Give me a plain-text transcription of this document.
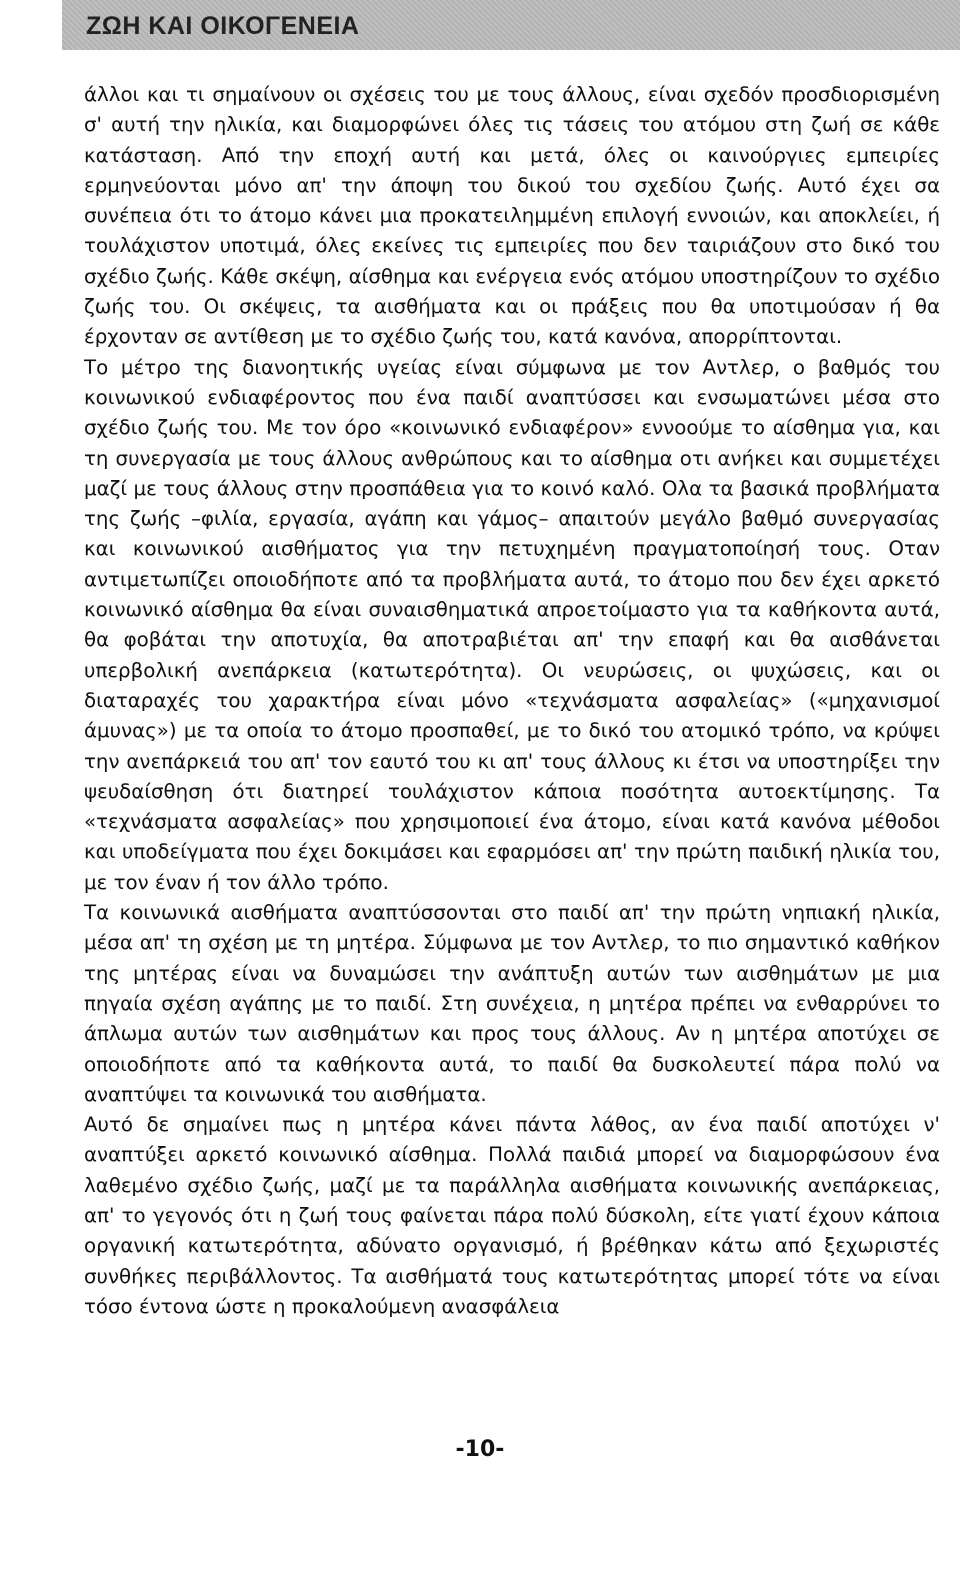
ΖΩΗ ΚΑΙ ΟΙΚΟΓΕΝΕΙΑ

άλλοι και τι σημαίνουν οι σχέσεις του με τους άλλους, είναι σχεδόν προσδιορισμένη σ' αυτή την ηλικία, και διαμορφώνει όλες τις τάσεις του ατόμου στη ζωή σε κάθε κατάσταση. Από την εποχή αυτή και μετά, όλες οι καινούργιες εμπειρίες ερμηνεύονται μόνο απ' την άποψη του δικού του σχεδίου ζωής. Αυτό έχει σα συνέπεια ότι το άτομο κάνει μια προκατειλημμένη επιλογή εννοιών, και αποκλείει, ή τουλάχιστον υποτιμά, όλες εκείνες τις εμπειρίες που δεν ταιριάζουν στο δικό του σχέδιο ζωής. Κάθε σκέψη, αίσθημα και ενέργεια ενός ατόμου υποστηρίζουν το σχέδιο ζωής του. Οι σκέψεις, τα αισθήματα και οι πράξεις που θα υποτιμούσαν ή θα έρχονταν σε αντίθεση με το σχέδιο ζωής του, κατά κανόνα, απορρίπτονται.

Το μέτρο της διανοητικής υγείας είναι σύμφωνα με τον Αντλερ, ο βαθμός του κοινωνικού ενδιαφέροντος που ένα παιδί αναπτύσσει και ενσωματώνει μέσα στο σχέδιο ζωής του. Με τον όρο «κοινωνικό ενδιαφέρον» εννοούμε το αίσθημα για, και τη συνεργασία με τους άλλους ανθρώπους και το αίσθημα οτι ανήκει και συμμετέχει μαζί με τους άλλους στην προσπάθεια για το κοινό καλό. Ολα τα βασικά προβλήματα της ζωής –φιλία, εργασία, αγάπη και γάμος– απαιτούν μεγάλο βαθμό συνεργασίας και κοινωνικού αισθήματος για την πετυχημένη πραγματοποίησή τους. Οταν αντιμετωπίζει οποιοδήποτε από τα προβλήματα αυτά, το άτομο που δεν έχει αρκετό κοινωνικό αίσθημα θα είναι συναισθηματικά απροετοίμαστο για τα καθήκοντα αυτά, θα φοβάται την αποτυχία, θα αποτραβιέται απ' την επαφή και θα αισθάνεται υπερβολική ανεπάρκεια (κατωτερότητα). Οι νευρώσεις, οι ψυχώσεις, και οι διαταραχές του χαρακτήρα είναι μόνο «τεχνάσματα ασφαλείας» («μηχανισμοί άμυνας») με τα οποία το άτομο προσπαθεί, με το δικό του ατομικό τρόπο, να κρύψει την ανεπάρκειά του απ' τον εαυτό του κι απ' τους άλλους κι έτσι να υποστηρίξει την ψευδαίσθηση ότι διατηρεί τουλάχιστον κάποια ποσότητα αυτοεκτίμησης. Τα «τεχνάσματα ασφαλείας» που χρησιμοποιεί ένα άτομο, είναι κατά κανόνα μέθοδοι και υποδείγματα που έχει δοκιμάσει και εφαρμόσει απ' την πρώτη παιδική ηλικία του, με τον έναν ή τον άλλο τρόπο.

Τα κοινωνικά αισθήματα αναπτύσσονται στο παιδί απ' την πρώτη νηπιακή ηλικία, μέσα απ' τη σχέση με τη μητέρα. Σύμφωνα με τον Αντλερ, το πιο σημαντικό καθήκον της μητέρας είναι να δυναμώσει την ανάπτυξη αυτών των αισθημάτων με μια πηγαία σχέση αγάπης με το παιδί. Στη συνέχεια, η μητέρα πρέπει να ενθαρρύνει το άπλωμα αυτών των αισθημάτων και προς τους άλλους. Αν η μητέρα αποτύχει σε οποιοδήποτε από τα καθήκοντα αυτά, το παιδί θα δυσκολευτεί πάρα πολύ να αναπτύψει τα κοινωνικά του αισθήματα.

Αυτό δε σημαίνει πως η μητέρα κάνει πάντα λάθος, αν ένα παιδί αποτύχει ν' αναπτύξει αρκετό κοινωνικό αίσθημα. Πολλά παιδιά μπορεί να διαμορφώσουν ένα λαθεμένο σχέδιο ζωής, μαζί με τα παράλληλα αισθήματα κοινωνικής ανεπάρκειας, απ' το γεγονός ότι η ζωή τους φαίνεται πάρα πολύ δύσκολη, είτε γιατί έχουν κάποια οργανική κατωτερότητα, αδύνατο οργανισμό, ή βρέθηκαν κάτω από ξεχωριστές συνθήκες περιβάλλοντος. Τα αισθήματά τους κατωτερότητας μπορεί τότε να είναι τόσο έντονα ώστε η προκαλούμενη ανασφάλεια

-10-
